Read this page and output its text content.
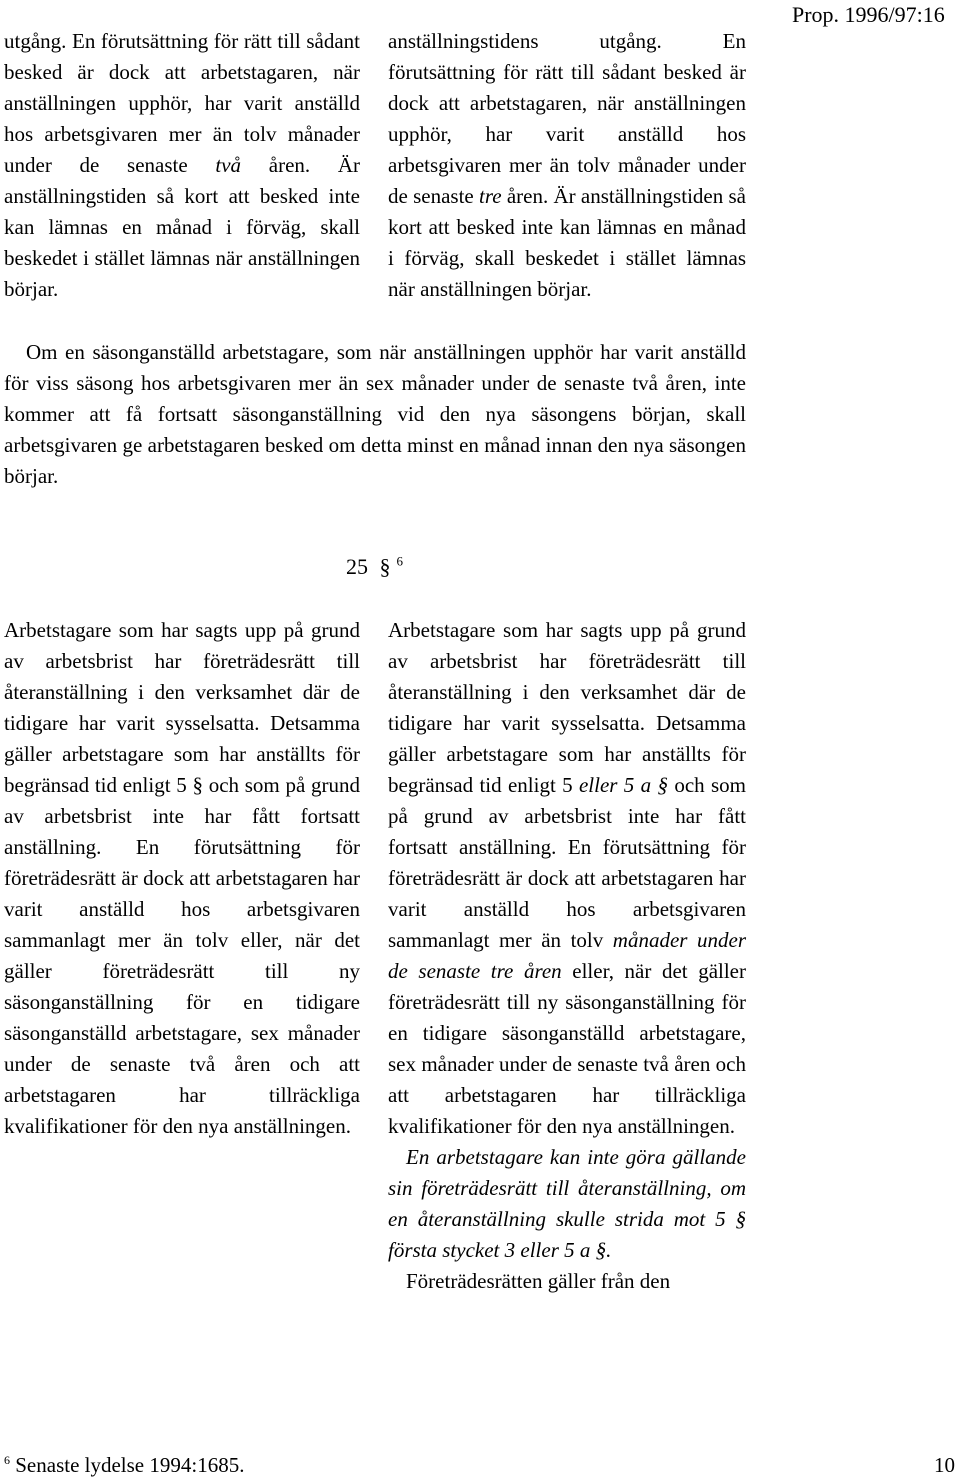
Prop. 1996/97:16

utgång. En förutsättning för rätt till sådant besked är dock att arbetstagaren, när anställningen upphör, har varit anställd hos arbetsgivaren mer än tolv månader under de senaste två åren. Är anställningstiden så kort att besked inte kan lämnas en månad i förväg, skall beskedet i stället lämnas när anställningen börjar.

anställningstidens utgång. En förutsättning för rätt till sådant besked är dock att arbetstagaren, när anställningen upphör, har varit anställd hos arbetsgivaren mer än tolv månader under de senaste tre åren. Är anställningstiden så kort att besked inte kan lämnas en månad i förväg, skall beskedet i stället lämnas när anställningen börjar.

Om en säsonganställd arbetstagare, som när anställningen upphör har varit anställd för viss säsong hos arbetsgivaren mer än sex månader under de senaste två åren, inte kommer att få fortsatt säsonganställning vid den nya säsongens början, skall arbetsgivaren ge arbetstagaren besked om detta minst en månad innan den nya säsongen börjar.

25 § $^6$

Arbetstagare som har sagts upp på grund av arbetsbrist har företrädesrätt till återanställning i den verksamhet där de tidigare har varit sysselsatta. Detsamma gäller arbetstagare som har anställts för begränsad tid enligt 5 § och som på grund av arbetsbrist inte har fått fortsatt anställning. En förutsättning för företrädesrätt är dock att arbetstagaren har varit anställd hos arbetsgivaren sammanlagt mer än tolv eller, när det gäller företrädesrätt till ny säsonganställning för en tidigare säsonganställd arbetstagare, sex månader under de senaste två åren och att arbetstagaren har tillräckliga kvalifikationer för den nya anställningen.

Arbetstagare som har sagts upp på grund av arbetsbrist har företrädesrätt till återanställning i den verksamhet där de tidigare har varit sysselsatta. Detsamma gäller arbetstagare som har anställts för begränsad tid enligt 5 eller 5 a § och som på grund av arbetsbrist inte har fått fortsatt anställning. En förutsättning för företrädesrätt är dock att arbetstagaren har varit anställd hos arbetsgivaren sammanlagt mer än tolv månader under de senaste tre åren eller, när det gäller företrädesrätt till ny säsonganställning för en tidigare säsonganställd arbetstagare, sex månader under de senaste två åren och att arbetstagaren har tillräckliga kvalifikationer för den nya anställningen.

En arbetstagare kan inte göra gällande sin företrädesrätt till återanställning, om en återanställning skulle strida mot 5 § första stycket 3 eller 5 a §.

Företrädesrätten gäller från den

$^6$ Senaste lydelse 1994:1685.	10
